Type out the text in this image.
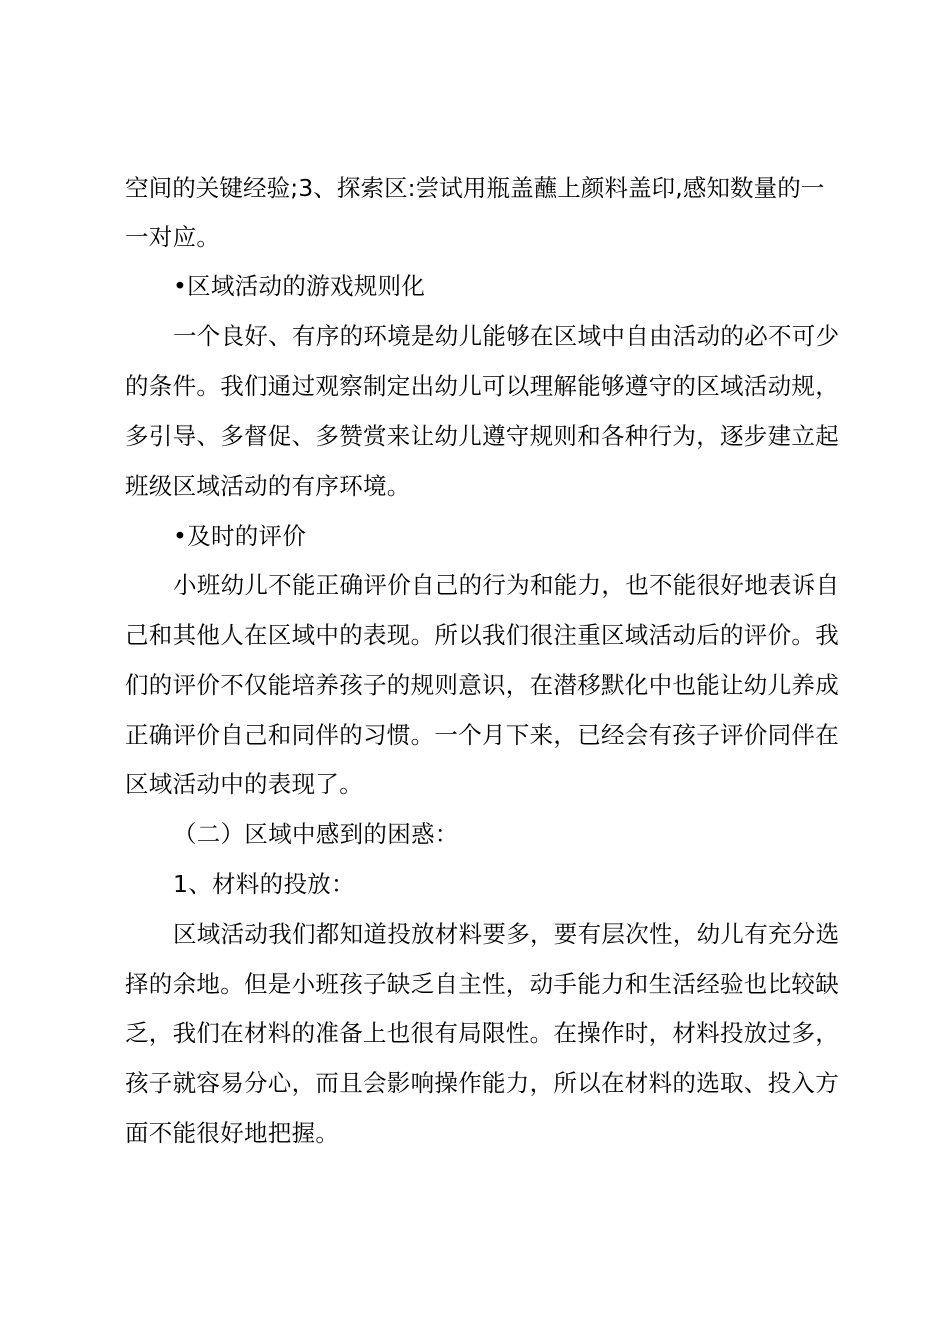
空间的关键经验;3、探索区:尝试用瓶盖蘸上颜料盖印,感知数量的一
一对应。
•区域活动的游戏规则化
一个良好、有序的环境是幼儿能够在区域中自由活动的必不可少
的条件。我们通过观察制定出幼儿可以理解能够遵守的区域活动规，
多引导、多督促、多赞赏来让幼儿遵守规则和各种行为，逐步建立起
班级区域活动的有序环境。
•及时的评价
小班幼儿不能正确评价自己的行为和能力，也不能很好地表诉自
己和其他人在区域中的表现。所以我们很注重区域活动后的评价。我
们的评价不仅能培养孩子的规则意识，在潜移默化中也能让幼儿养成
正确评价自己和同伴的习惯。一个月下来，已经会有孩子评价同伴在
区域活动中的表现了。
（二）区域中感到的困惑：
1、材料的投放：
区域活动我们都知道投放材料要多，要有层次性，幼儿有充分选
择的余地。但是小班孩子缺乏自主性，动手能力和生活经验也比较缺
乏，我们在材料的准备上也很有局限性。在操作时，材料投放过多，
孩子就容易分心，而且会影响操作能力，所以在材料的选取、投入方
面不能很好地把握。
